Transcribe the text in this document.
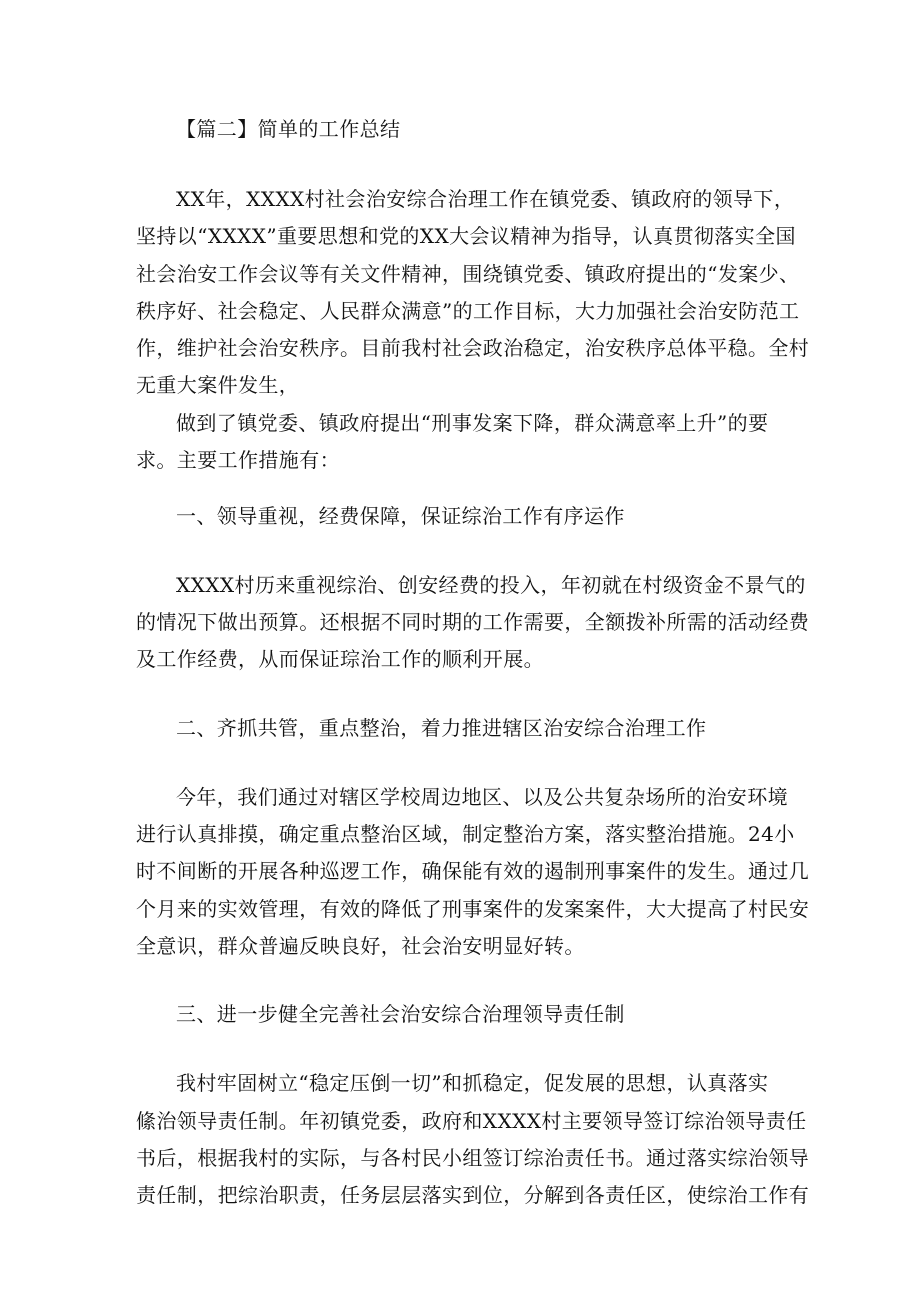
【篇二】简单的工作总结
XX年，XXXX村社会治安综合治理工作在镇党委、镇政府的领导下，
坚持以“XXXX”重要思想和党的XX大会议精神为指导，认真贯彻落实全国
社会治安工作会议等有关文件精神，围绕镇党委、镇政府提出的“发案少、
秩序好、社会稳定、人民群众满意”的工作目标，大力加强社会治安防范工
作，维护社会治安秩序。目前我村社会政治稳定，治安秩序总体平稳。全村
无重大案件发生，
做到了镇党委、镇政府提出“刑事发案下降，群众满意率上升”的要
求。主要工作措施有：
一、领导重视，经费保障，保证综治工作有序运作
XXXX村历来重视综治、创安经费的投入，年初就在村级资金不景气的
的情况下做出预算。还根据不同时期的工作需要，全额拨补所需的活动经费
及工作经费，从而保证琮治工作的顺利开展。
二、齐抓共管，重点整治，着力推进辖区治安综合治理工作
今年，我们通过对辖区学校周边地区、以及公共复杂场所的治安环境
进行认真排摸，确定重点整治区域，制定整治方案，落实整治措施。24小
时不间断的开展各种巡逻工作，确保能有效的遏制刑事案件的发生。通过几
个月来的实效管理，有效的降低了刑事案件的发案案件，大大提高了村民安
全意识，群众普遍反映良好，社会治安明显好转。
三、进一步健全完善社会治安综合治理领导责任制
我村牢固树立“稳定压倒一切”和抓稳定，促发展的思想，认真落实
絛治领导责任制。年初镇党委，政府和XXXX村主要领导签订综治领导责任
书后，根据我村的实际，与各村民小组签订综治责任书。通过落实综治领导
责任制，把综治职责，任务层层落实到位，分解到各责任区，使综治工作有
